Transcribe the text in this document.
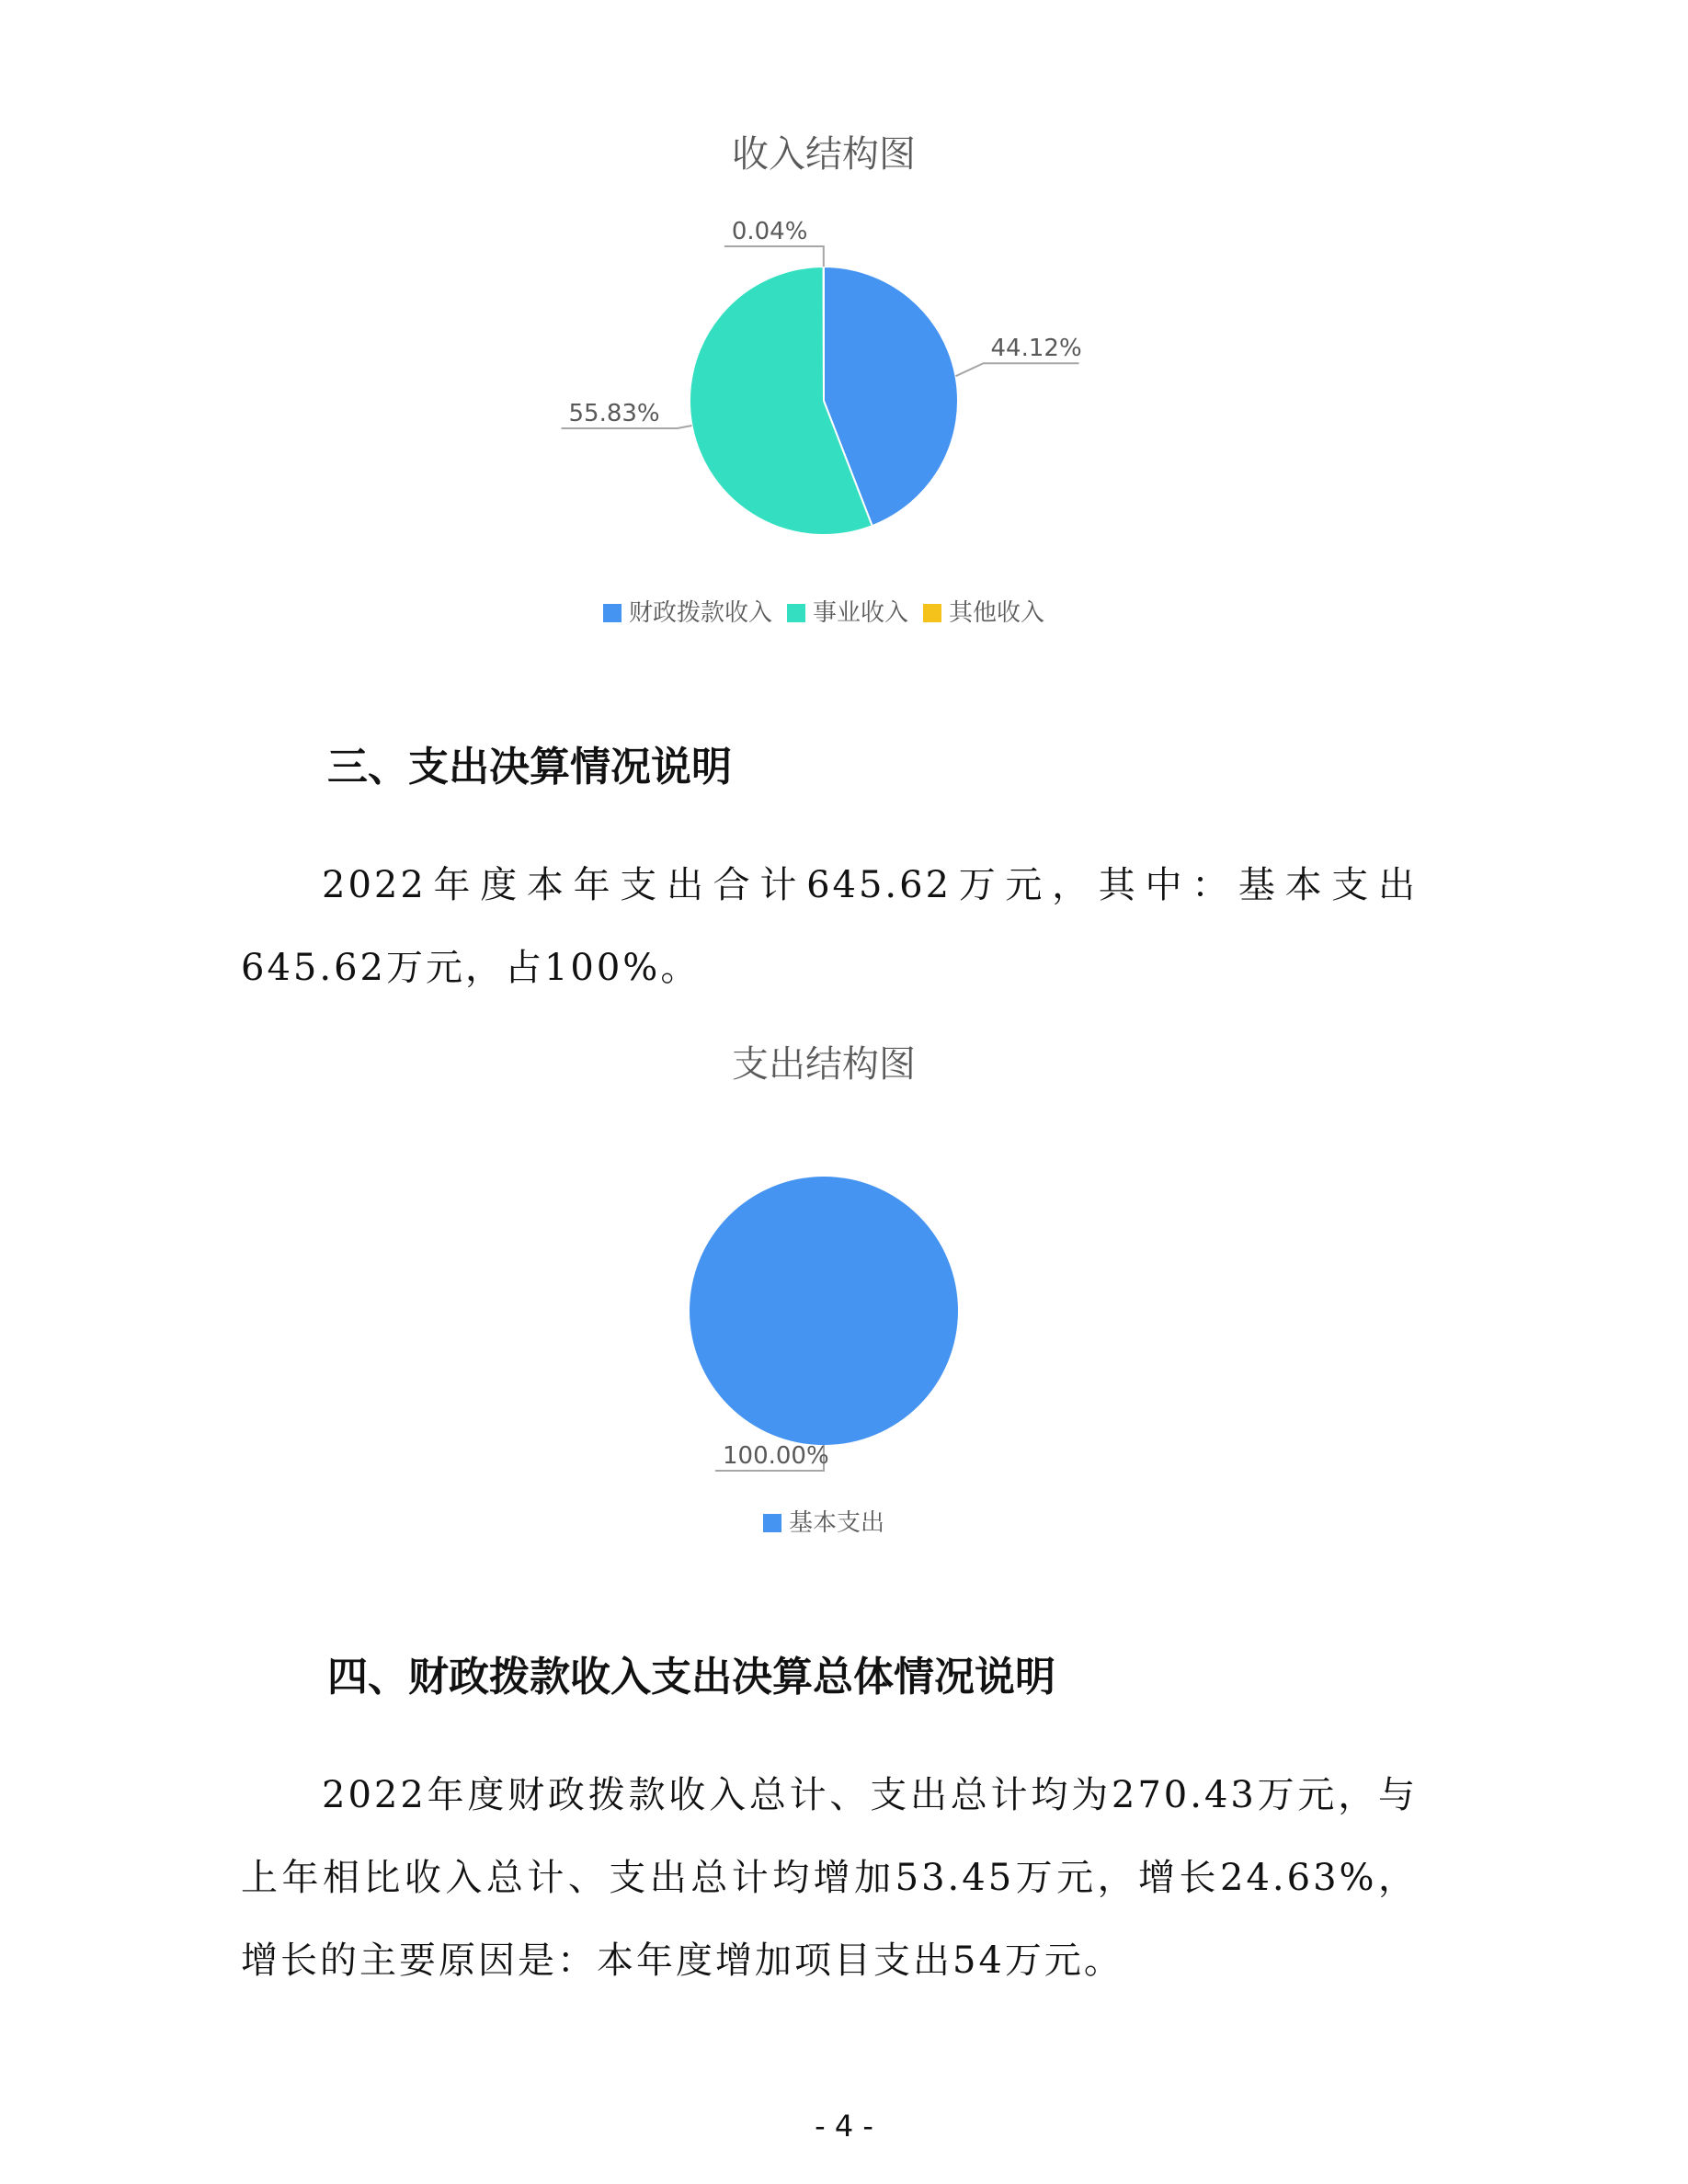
收入结构图
44.12%
55.83%
0.04%
财政拨款收入 事业收入 其他收入
三、支出决算情况说明
2022年度本年支出合计645.62万元，其中：基本支出645.62万元，占100%。
支出结构图
100.00%
基本支出
四、财政拨款收入支出决算总体情况说明
2022年度财政拨款收入总计、支出总计均为270.43万元，与上年相比收入总计、支出总计均增加53.45万元，增长24.63%，增长的主要原因是：本年度增加项目支出54万元。
- 4 -
